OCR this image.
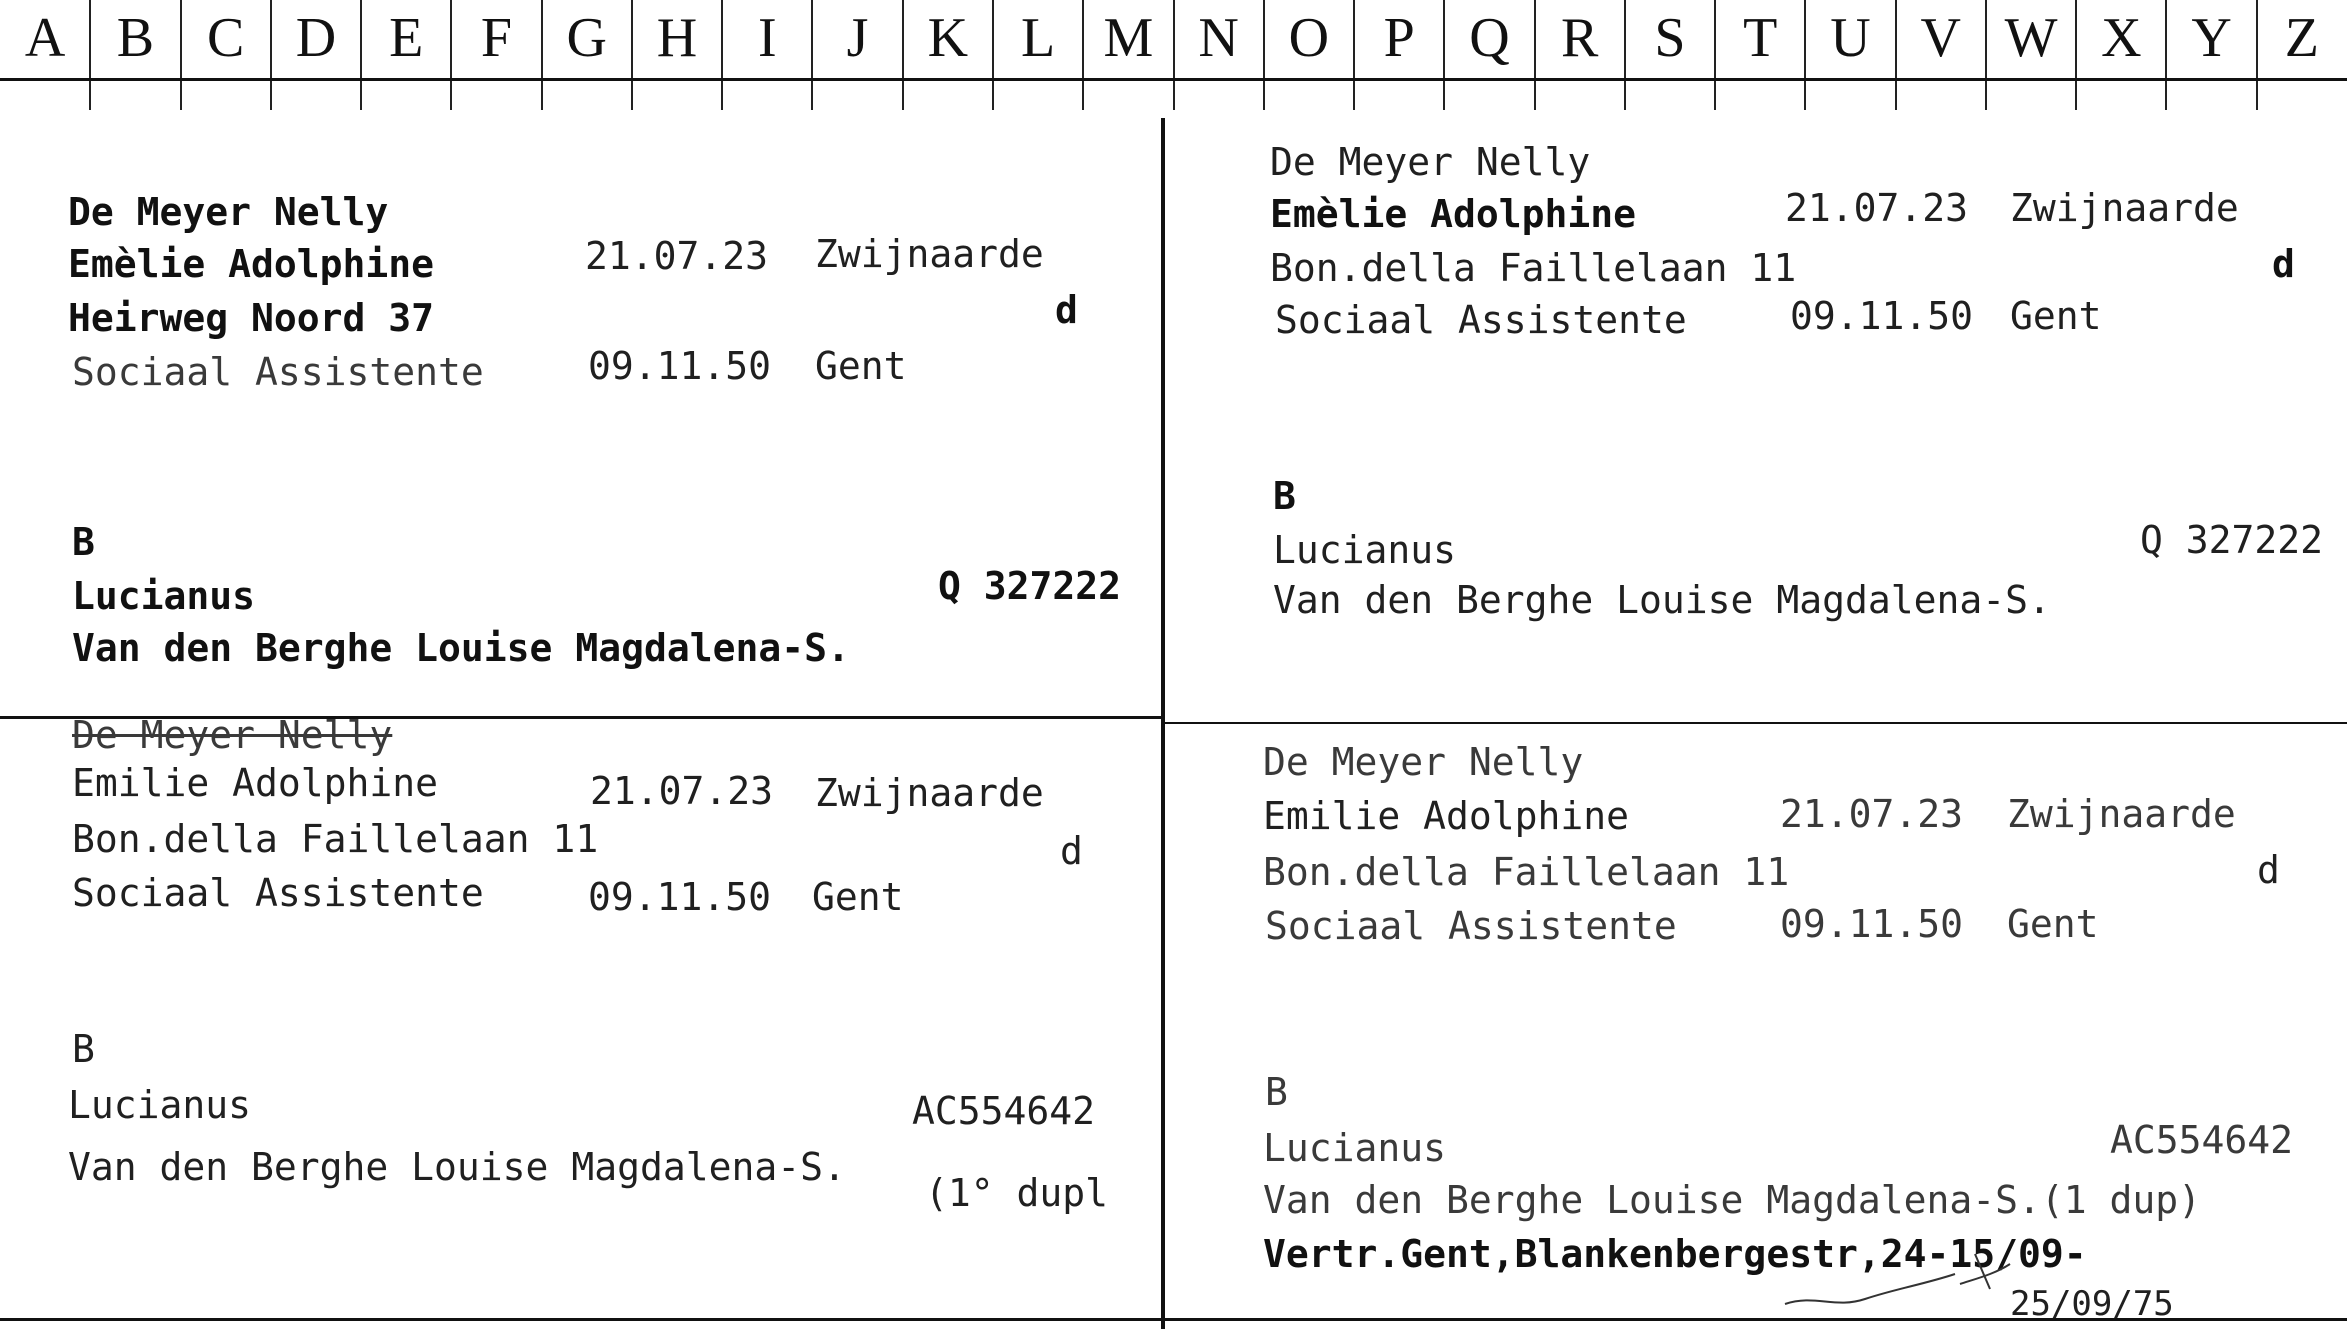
A B C D E	F G H	I	J	K L M N O P Q R	S	T U V W X Y Z
De Meyer Nelly
Emèlie Adolphine	21.07.23 Zwijnaarde
Heirweg Noord 37	d
Sociaal Assistente	09.11.50 Gent
B
Lucianus	Q 327222
Van den Berghe Louise Magdalena-S.
De Meyer Nelly
Emèlie Adolphine	21.07.23 Zwijnaarde
Bon.della Faillelaan 11	d
Sociaal Assistente	09.11.50 Gent
B
Lucianus	Q 327222
Van den Berghe Louise Magdalena-S.
De Meyer Nelly
Emilie Adolphine	21.07.23 Zwijnaarde
Bon.della Faillelaan 11	d
Sociaal Assistente	09.11.50 Gent
B
Lucianus	AC554642
Van den Berghe Louise Magdalena-S.
(1° dupl
De Meyer Nelly
Emilie Adolphine	21.07.23 Zwijnaarde
Bon.della Faillelaan 11	d
Sociaal Assistente	09.11.50 Gent
B
Lucianus	AC554642
Van den Berghe Louise Magdalena-S.(1 dup)
Vertr.Gent,Blankenbergestr,24-15/09-
25/09/75
